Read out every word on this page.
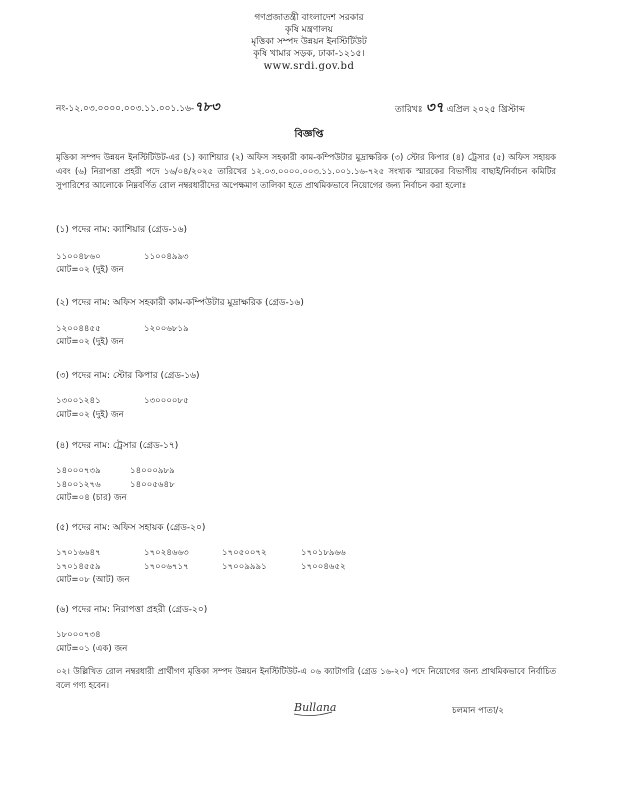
গণপ্রজাতন্ত্রী বাংলাদেশ সরকার
কৃষি মন্ত্রণালয়
মৃত্তিকা সম্পদ উন্নয়ন ইনস্টিটিউট
কৃষি খামার সড়ক, ঢাকা-১২১৫।
www.srdi.gov.bd
নং-১২.০৩.০০০০.০০৩.১১.০০১.১৬-৭৮৩	তারিখঃ ৩৭ এপ্রিল ২০২৫ খ্রিস্টাব্দ
বিজ্ঞপ্তি
মৃত্তিকা সম্পদ উন্নয়ন ইনস্টিটিউট-এর (১) ক্যাশিয়ার (২) অফিস সহকারী কাম-কম্পিউটার মুদ্রাক্ষরিক (৩) স্টোর কিপার (৪) ট্রেসার (৫) অফিস সহায়ক এবং (৬) নিরাপত্তা প্রহরী পদে ১৬/০৪/২০২৫ তারিখের ১২.০৩.০০০০.০০৩.১১.০০১.১৬-৭২৫ সংখ্যক স্মারকের বিভাগীয় বাছাই/নির্বাচন কমিটির সুপারিশের আলোকে নিম্নবর্ণিত রোল নম্বরধারীদের অপেক্ষমাণ তালিকা হতে প্রাথমিকভাবে নিয়োগের জন্য নির্বাচন করা হলোঃ
(১) পদের নাম: ক্যাশিয়ার (গ্রেড-১৬)
১১০০৪৮৬০	১১০০৪৯৯৩
মোট=০২ (দুই) জন
(২) পদের নাম: অফিস সহকারী কাম-কম্পিউটার মুদ্রাক্ষরিক (গ্রেড-১৬)
১২০০৪৪৫৫	১২০০৬৮১৯
মোট=০২ (দুই) জন
(৩) পদের নাম: স্টোর কিপার (গ্রেড-১৬)
১৩০০১২৪১	১৩০০০০৮৫
মোট=০২ (দুই) জন
(৪) পদের নাম: ট্রেসার (গ্রেড-১৭)
১৪০০০৭৩৯	১৪০০০৯৮৯
১৪০০১২৭৬	১৪০০৫৬৪৮
মোট=০৪ (চার) জন
(৫) পদের নাম: অফিস সহায়ক (গ্রেড-২০)
১৭০১৬৬৪৭	১৭০২৪৬৬৩	১৭০৫০০৭২	১৭০১৮৯৬৬
১৭০১৪৫৫৯	১৭০০৬৭১৭	১৭০০৯৯৯১	১৭০০৪৬৫২
মোট=০৮ (আট) জন
(৬) পদের নাম: নিরাপত্তা প্রহরী (গ্রেড-২০)
১৮০০০৭৩৪
মোট=০১ (এক) জন
০২। উল্লিখিত রোল নম্বরধারী প্রার্থীগণ মৃত্তিকা সম্পদ উন্নয়ন ইনস্টিটিউট-এ ০৬ ক্যাটাগরি (গ্রেড ১৬-২০) পদে নিয়োগের জন্য প্রাথমিকভাবে নির্বাচিত বলে গণ্য হবেন।
Bullana	চলমান পাতা/২
